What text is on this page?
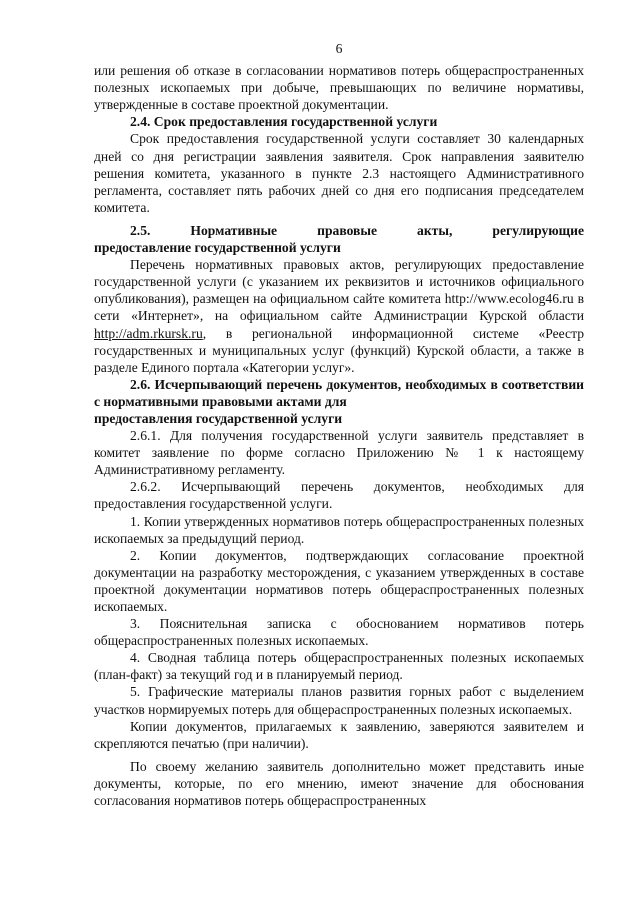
6

или решения об отказе в согласовании нормативов потерь общераспространенных полезных ископаемых при добыче, превышающих по величине нормативы, утвержденные в составе проектной документации.

2.4. Срок предоставления государственной услуги

Срок предоставления государственной услуги составляет 30 календарных дней со дня регистрации заявления заявителя. Срок направления заявителю решения комитета, указанного в пункте 2.3 настоящего Административного регламента, составляет пять рабочих дней со дня его подписания председателем комитета.

2.5. Нормативные правовые акты, регулирующие

предоставление государственной услуги

Перечень нормативных правовых актов, регулирующих предоставление государственной услуги (с указанием их реквизитов и источников официального опубликования), размещен на официальном сайте комитета http://www.ecolog46.ru в сети «Интернет», на официальном сайте Администрации Курской области http://adm.rkursk.ru, в региональной информационной системе «Реестр государственных и муниципальных услуг (функций) Курской области, а также в разделе Единого портала «Категории услуг».

2.6. Исчерпывающий перечень документов, необходимых в соответствии с нормативными правовыми актами для

предоставления государственной услуги

2.6.1. Для получения государственной услуги заявитель представляет в комитет заявление по форме согласно Приложению № 1 к настоящему Административному регламенту.

2.6.2. Исчерпывающий перечень документов, необходимых для предоставления государственной услуги.

1. Копии утвержденных нормативов потерь общераспространенных полезных ископаемых за предыдущий период.

2. Копии документов, подтверждающих согласование проектной документации на разработку месторождения, с указанием утвержденных в составе проектной документации нормативов потерь общераспространенных полезных ископаемых.

3. Пояснительная записка с обоснованием нормативов потерь общераспространенных полезных ископаемых.

4. Сводная таблица потерь общераспространенных полезных ископаемых (план-факт) за текущий год и в планируемый период.

5. Графические материалы планов развития горных работ с выделением участков нормируемых потерь для общераспространенных полезных ископаемых.

Копии документов, прилагаемых к заявлению, заверяются заявителем и скрепляются печатью (при наличии).

По своему желанию заявитель дополнительно может представить иные документы, которые, по его мнению, имеют значение для обоснования согласования нормативов потерь общераспространенных
